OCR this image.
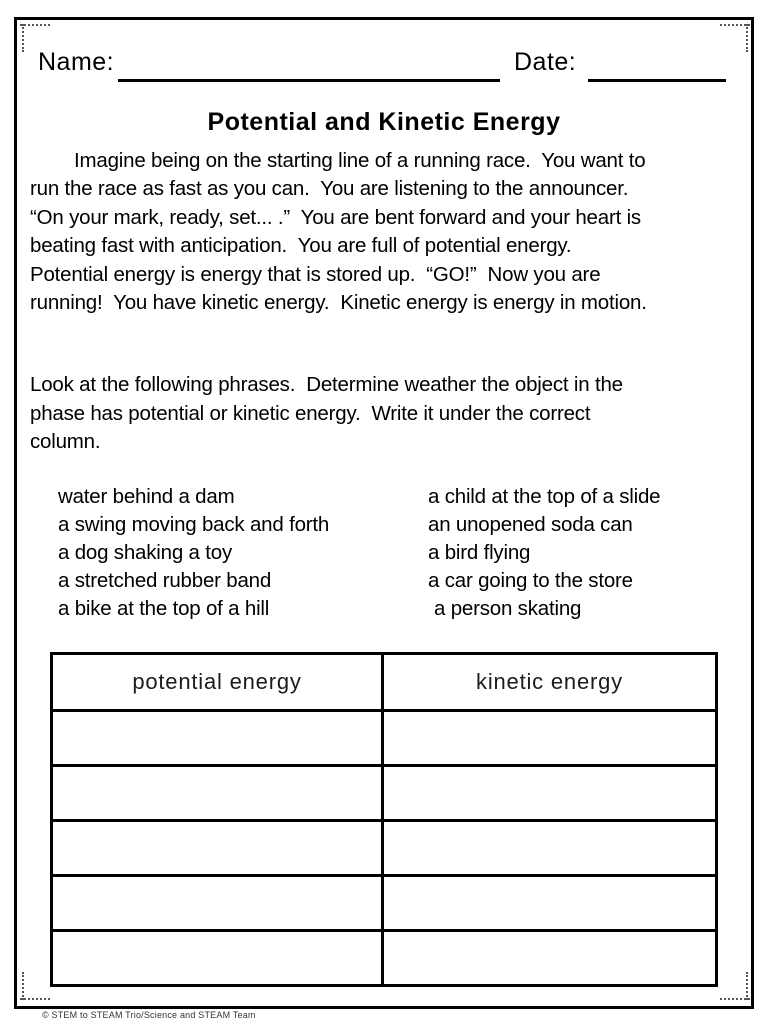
Name:	Date:
Potential and Kinetic Energy
Imagine being on the starting line of a running race.  You want to
run the race as fast as you can.  You are listening to the announcer.
“On your mark, ready, set... .”  You are bent forward and your heart is
beating fast with anticipation.  You are full of potential energy.
Potential energy is energy that is stored up.  “GO!”  Now you are
running!  You have kinetic energy.  Kinetic energy is energy in motion.
Look at the following phrases.  Determine weather the object in the
phase has potential or kinetic energy.  Write it under the correct
column.
water behind a dam
a swing moving back and forth
a dog shaking a toy
a stretched rubber band
a bike at the top of a hill
a child at the top of a slide
an unopened soda can
a bird flying
a car going to the store
a person skating
potential energy	kinetic energy
© STEM to STEAM Trio/Science and STEAM Team
